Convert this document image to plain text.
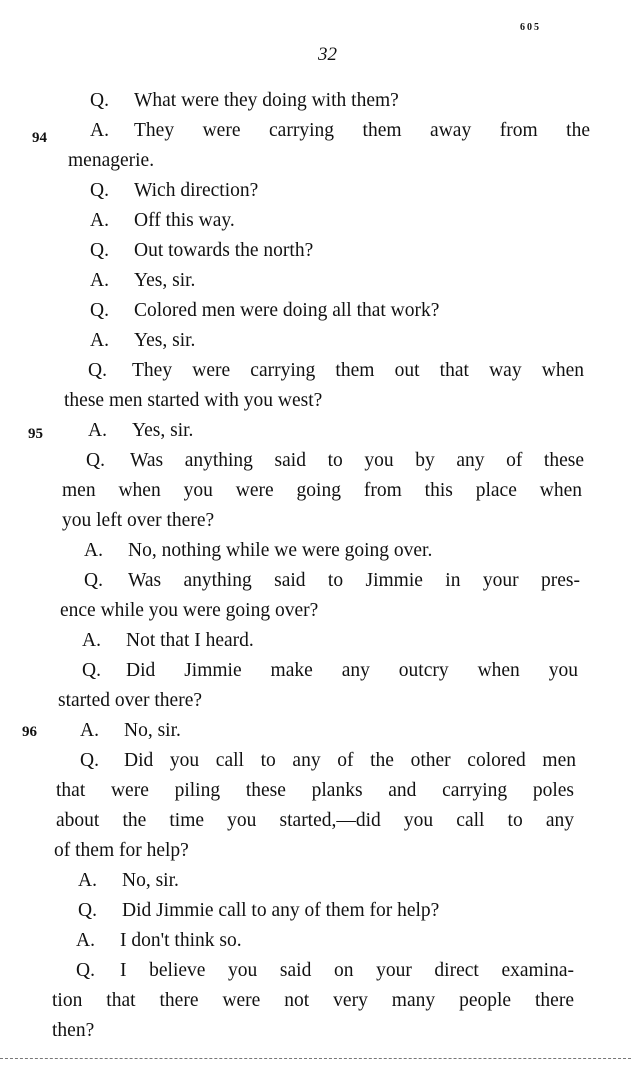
605
32
94
95
96
Q. What were they doing with them?
A. They were carrying them away from the
menagerie.
Q. Wich direction?
A. Off this way.
Q. Out towards the north?
A. Yes, sir.
Q. Colored men were doing all that work?
A. Yes, sir.
Q. They were carrying them out that way when
these men started with you west?
A. Yes, sir.
Q. Was anything said to you by any of these
men when you were going from this place when
you left over there?
A. No, nothing while we were going over.
Q. Was anything said to Jimmie in your pres-
ence while you were going over?
A. Not that I heard.
Q. Did Jimmie make any outcry when you
started over there?
A. No, sir.
Q. Did you call to any of the other colored men
that were piling these planks and carrying poles
about the time you started,—did you call to any
of them for help?
A. No, sir.
Q. Did Jimmie call to any of them for help?
A. I don't think so.
Q. I believe you said on your direct examina-
tion that there were not very many people there
then?
